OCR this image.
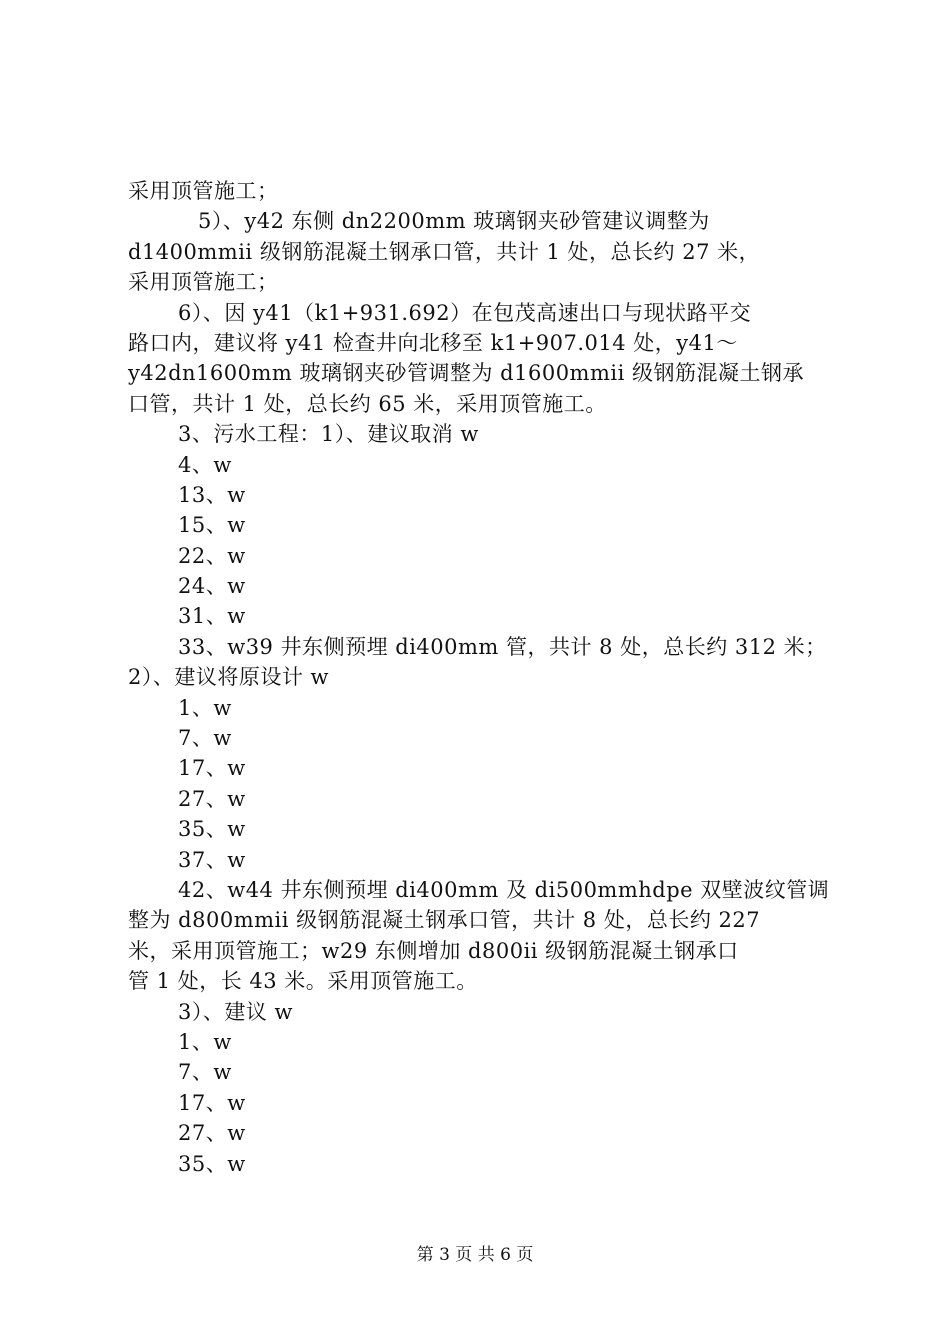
采用顶管施工；
5）、y42 东侧 dn2200mm 玻璃钢夹砂管建议调整为
d1400mmii 级钢筋混凝土钢承口管，共计 1 处，总长约 27 米，
采用顶管施工；
6）、因 y41（k1+931.692）在包茂高速出口与现状路平交
路口内，建议将 y41 检查井向北移至 k1+907.014 处，y41～
y42dn1600mm 玻璃钢夹砂管调整为 d1600mmii 级钢筋混凝土钢承
口管，共计 1 处，总长约 65 米，采用顶管施工。
3、污水工程：1）、建议取消 w
4、w
13、w
15、w
22、w
24、w
31、w
33、w39 井东侧预埋 di400mm 管，共计 8 处，总长约 312 米；
2）、建议将原设计 w
1、w
7、w
17、w
27、w
35、w
37、w
42、w44 井东侧预埋 di400mm 及 di500mmhdpe 双壁波纹管调
整为 d800mmii 级钢筋混凝土钢承口管，共计 8 处，总长约 227
米，采用顶管施工；w29 东侧增加 d800ii 级钢筋混凝土钢承口
管 1 处，长 43 米。采用顶管施工。
3）、建议 w
1、w
7、w
17、w
27、w
35、w
第 3 页 共 6 页
